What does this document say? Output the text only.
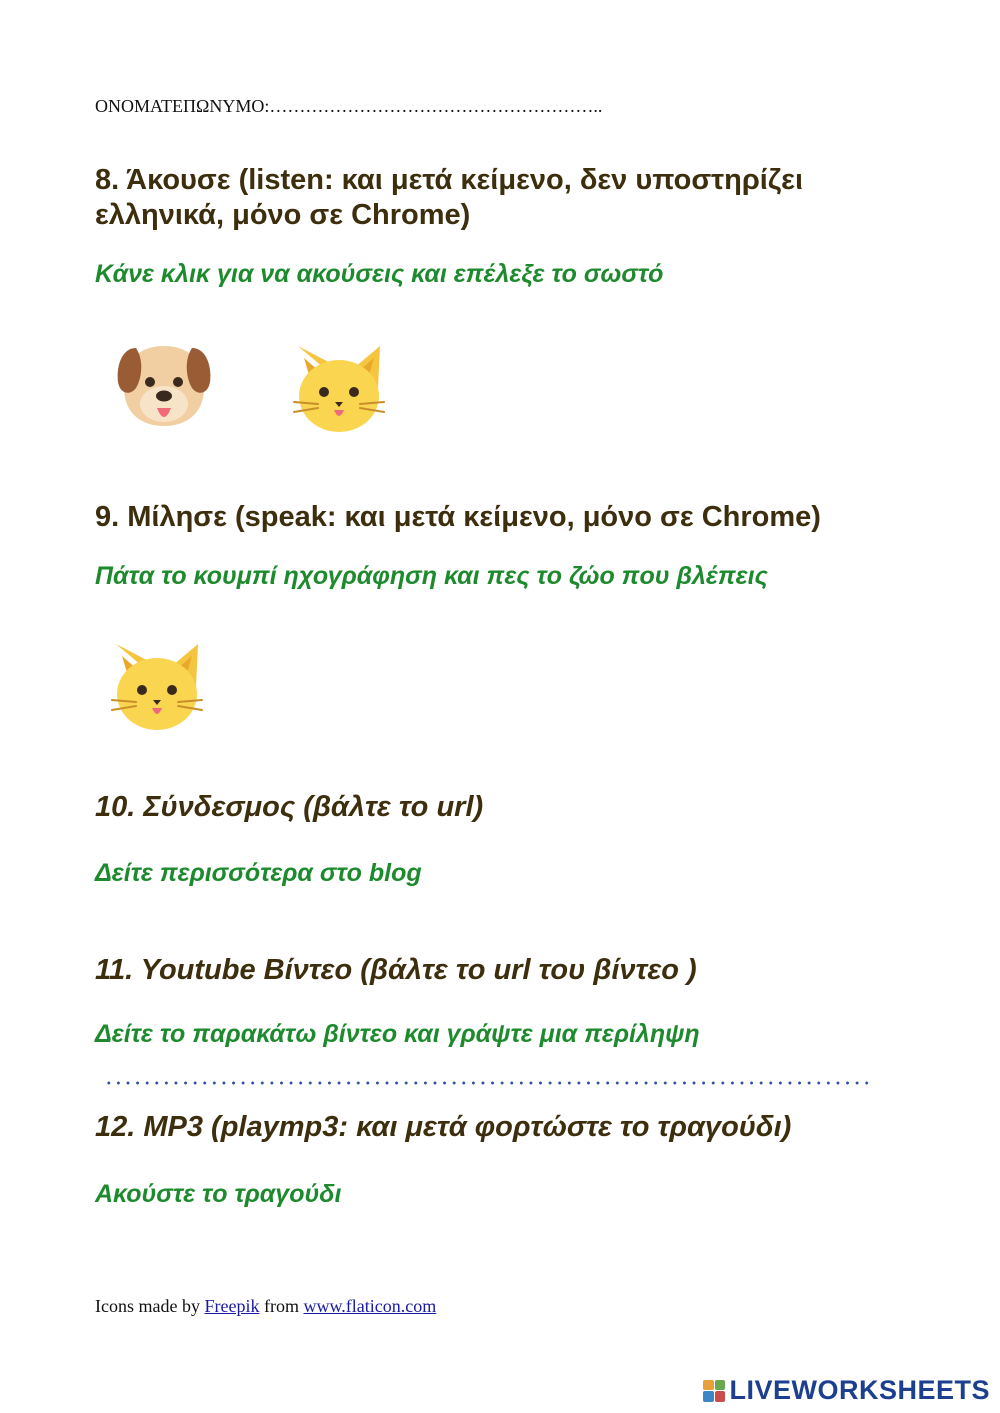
ΟΝΟΜΑΤΕΠΩΝΥΜΟ:………………………………………………..
8. Άκουσε (listen: και μετά κείμενο, δεν υποστηρίζει ελληνικά, μόνο σε Chrome)
Κάνε κλικ για να ακούσεις και επέλεξε το σωστό
9. Μίλησε (speak: και μετά κείμενο, μόνο σε Chrome)
Πάτα το κουμπί ηχογράφηση και πες το ζώο που βλέπεις
10. Σύνδεσμος (βάλτε το url)
Δείτε περισσότερα στο blog
11. Youtube Βίντεο (βάλτε το url του βίντεο )
Δείτε το παρακάτω βίντεο και γράψτε μια περίληψη
12. MP3 (playmp3: και μετά φορτώστε το τραγούδι)
Ακούστε το τραγούδι
Icons made by Freepik from www.flaticon.com
LIVEWORKSHEETS
